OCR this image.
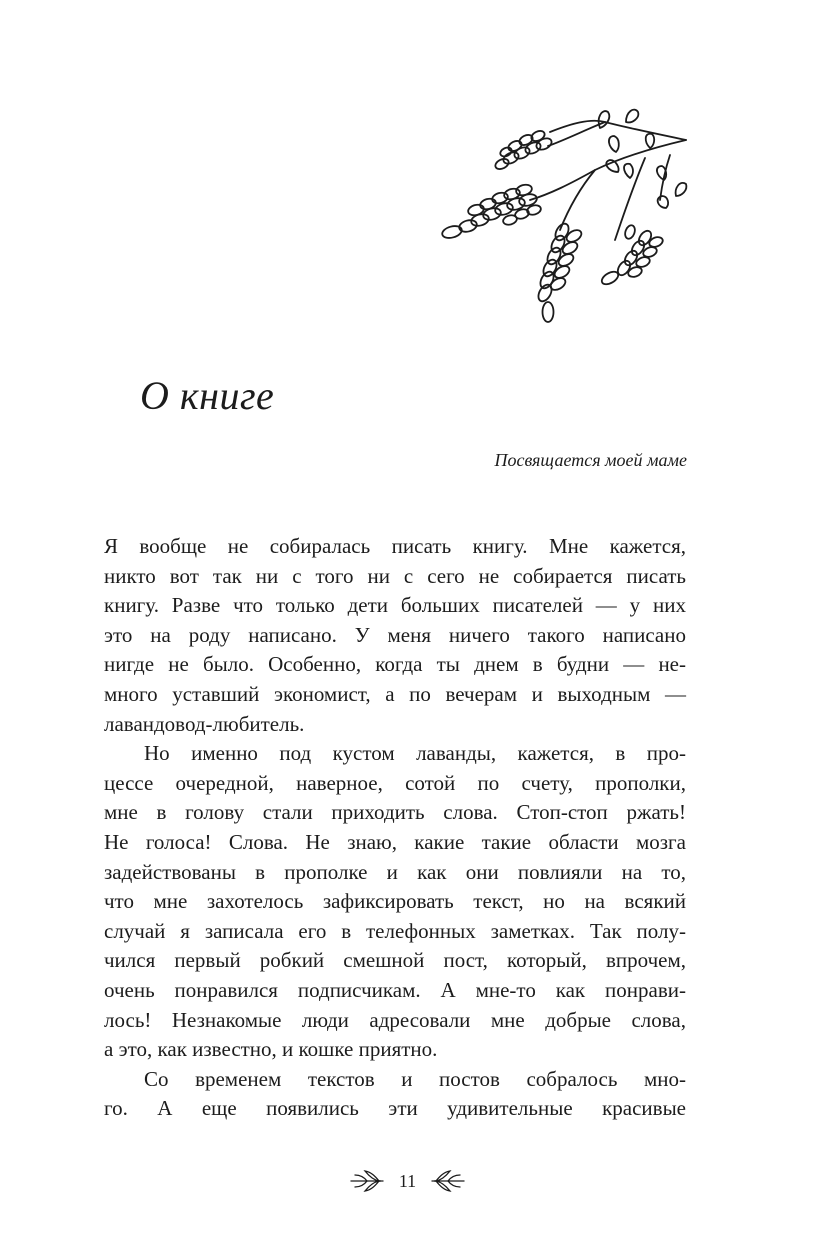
О книге

Посвящается моей маме

Я вообще не собиралась писать книгу. Мне кажется,
никто вот так ни с того ни с сего не собирается писать
книгу. Разве что только дети больших писателей — у них
это на роду написано. У меня ничего такого написано
нигде не было. Особенно, когда ты днем в будни — не-
много уставший экономист, а по вечерам и выходным —
лавандовод-любитель.

Но именно под кустом лаванды, кажется, в про-
цессе очередной, наверное, сотой по счету, прополки,
мне в голову стали приходить слова. Стоп-стоп ржать!
Не голоса! Слова. Не знаю, какие такие области мозга
задействованы в прополке и как они повлияли на то,
что мне захотелось зафиксировать текст, но на всякий
случай я записала его в телефонных заметках. Так полу-
чился первый робкий смешной пост, который, впрочем,
очень понравился подписчикам. А мне-то как понрави-
лось! Незнакомые люди адресовали мне добрые слова,
а это, как известно, и кошке приятно.

Со временем текстов и постов собралось мно-
го. А еще появились эти удивительные красивые

11
